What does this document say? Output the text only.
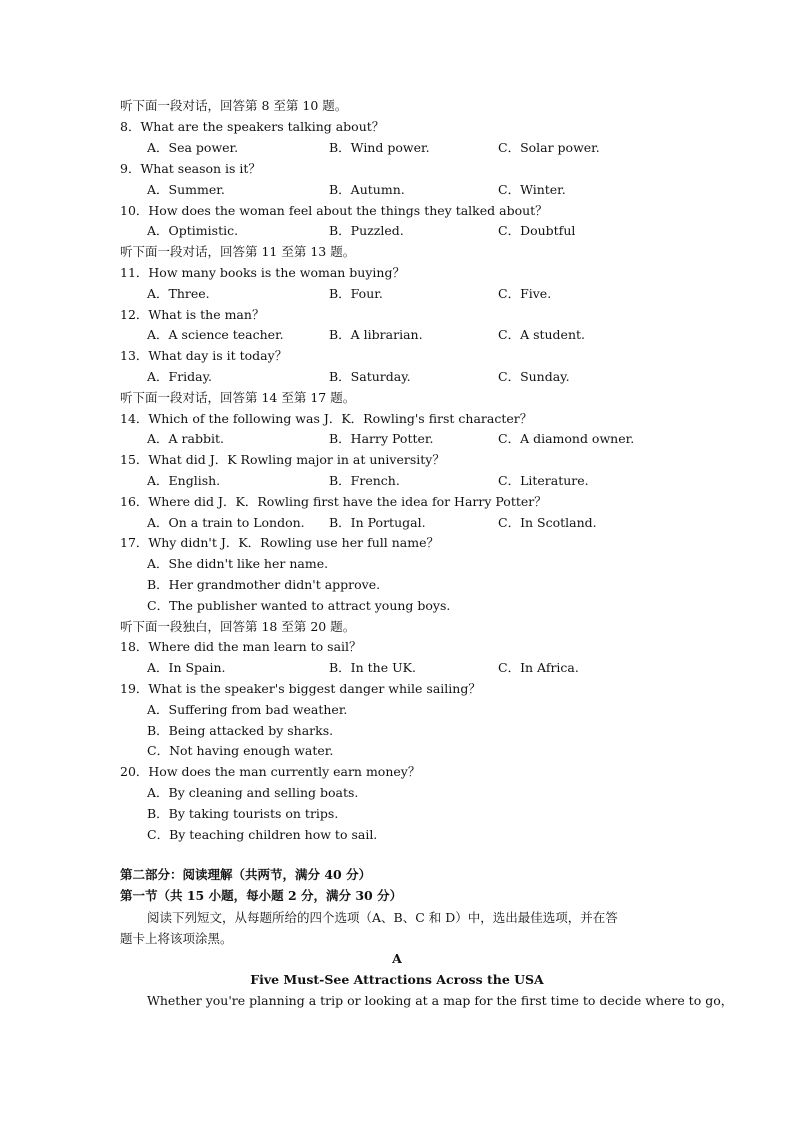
听下面一段对话，回答第 8 至第 10 题。
8．What are the speakers talking about？
A．Sea power.	B．Wind power.	C．Solar power.
9．What season is it？
A．Summer.	B．Autumn.	C．Winter.
10．How does the woman feel about the things they talked about？
A．Optimistic.	B．Puzzled.	C．Doubtful
听下面一段对话，回答第 11 至第 13 题。
11．How many books is the woman buying？
A．Three.	B．Four.	C．Five.
12．What is the man？
A．A science teacher.	B．A librarian.	C．A student.
13．What day is it today？
A．Friday.	B．Saturday.	C．Sunday.
听下面一段对话，回答第 14 至第 17 题。
14．Which of the following was J．K．Rowling's first character？
A．A rabbit.	B．Harry Potter.	C．A diamond owner.
15．What did J．K Rowling major in at university？
A．English.	B．French.	C．Literature.
16．Where did J．K．Rowling first have the idea for Harry Potter？
A．On a train to London. B．In Portugal.	C．In Scotland.
17．Why didn't J．K．Rowling use her full name？
A．She didn't like her name.
B．Her grandmother didn't approve.
C．The publisher wanted to attract young boys.
听下面一段独白，回答第 18 至第 20 题。
18．Where did the man learn to sail？
A．In Spain.	B．In the UK.	C．In Africa.
19．What is the speaker's biggest danger while sailing？
A．Suffering from bad weather.
B．Being attacked by sharks.
C．Not having enough water.
20．How does the man currently earn money？
A．By cleaning and selling boats.
B．By taking tourists on trips.
C．By teaching children how to sail.
第二部分：阅读理解（共两节，满分 40 分）
第一节（共 15 小题，每小题 2 分，满分 30 分）
阅读下列短文，从每题所给的四个选项（A、B、C 和 D）中，选出最佳选项，并在答
题卡上将该项涂黑。
A
Five Must-See Attractions Across the USA
Whether you're planning a trip or looking at a map for the first time to decide where to go，
